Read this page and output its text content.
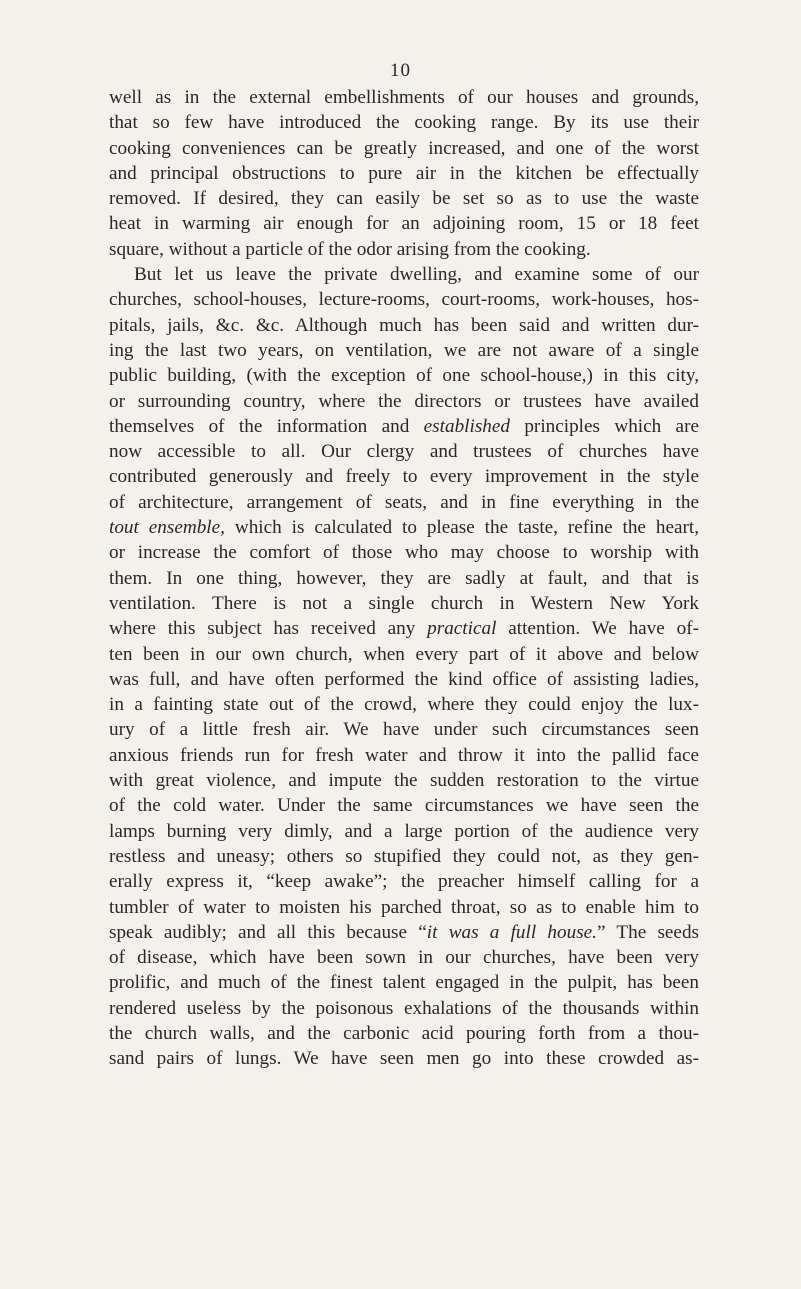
10
well as in the external embellishments of our houses and grounds,
that so few have introduced the cooking range. By its use their
cooking conveniences can be greatly increased, and one of the worst
and principal obstructions to pure air in the kitchen be effectually
removed. If desired, they can easily be set so as to use the waste
heat in warming air enough for an adjoining room, 15 or 18 feet
square, without a particle of the odor arising from the cooking.
But let us leave the private dwelling, and examine some of our
churches, school-houses, lecture-rooms, court-rooms, work-houses, hos-
pitals, jails, &c. &c. Although much has been said and written dur-
ing the last two years, on ventilation, we are not aware of a single
public building, (with the exception of one school-house,) in this city,
or surrounding country, where the directors or trustees have availed
themselves of the information and established principles which are
now accessible to all. Our clergy and trustees of churches have
contributed generously and freely to every improvement in the style
of architecture, arrangement of seats, and in fine everything in the
tout ensemble, which is calculated to please the taste, refine the heart,
or increase the comfort of those who may choose to worship with
them. In one thing, however, they are sadly at fault, and that is
ventilation. There is not a single church in Western New York
where this subject has received any practical attention. We have of-
ten been in our own church, when every part of it above and below
was full, and have often performed the kind office of assisting ladies,
in a fainting state out of the crowd, where they could enjoy the lux-
ury of a little fresh air. We have under such circumstances seen
anxious friends run for fresh water and throw it into the pallid face
with great violence, and impute the sudden restoration to the virtue
of the cold water. Under the same circumstances we have seen the
lamps burning very dimly, and a large portion of the audience very
restless and uneasy; others so stupified they could not, as they gen-
erally express it, “keep awake”; the preacher himself calling for a
tumbler of water to moisten his parched throat, so as to enable him to
speak audibly; and all this because “it was a full house.” The seeds
of disease, which have been sown in our churches, have been very
prolific, and much of the finest talent engaged in the pulpit, has been
rendered useless by the poisonous exhalations of the thousands within
the church walls, and the carbonic acid pouring forth from a thou-
sand pairs of lungs. We have seen men go into these crowded as-
